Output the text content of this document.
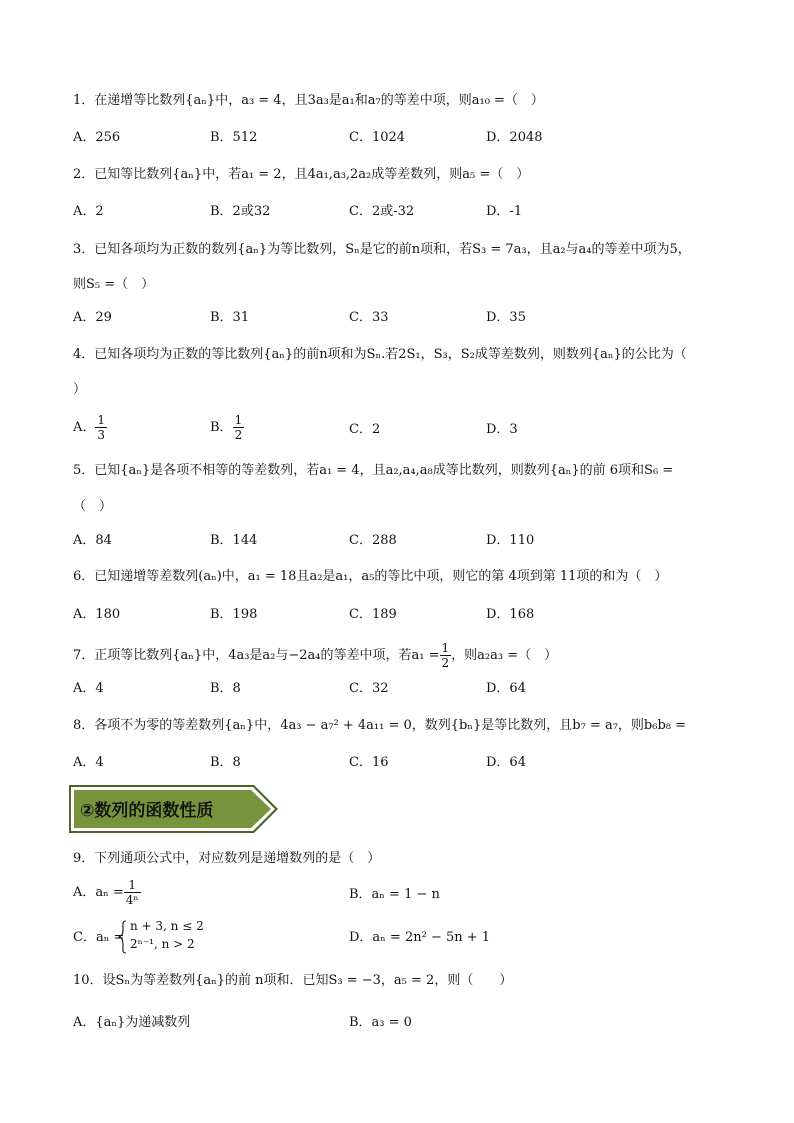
1．在递增等比数列{aₙ}中，a₃ = 4，且3a₃是a₁和a₇的等差中项，则a₁₀ =（　）
A．256	B．512	C．1024	D．2048
2．已知等比数列{aₙ}中，若a₁ = 2，且4a₁,a₃,2a₂成等差数列，则a₅ =（　）
A．2	B．2或32	C．2或-32	D．-1
3．已知各项均为正数的数列{aₙ}为等比数列，Sₙ是它的前n项和，若S₃ = 7a₃，且a₂与a₄的等差中项为5，
则S₅ =（　）
A．29	B．31	C．33	D．35
4．已知各项均为正数的等比数列{aₙ}的前n项和为Sₙ.若2S₁，S₃，S₂成等差数列，则数列{aₙ}的公比为（
）
A． $\frac{1}{3}$	B． $\frac{1}{2}$	C．2	D．3
5．已知{aₙ}是各项不相等的等差数列，若a₁ = 4，且a₂,a₄,a₈成等比数列，则数列{aₙ}的前 6项和S₆ =
（　）
A．84	B．144	C．288	D．110
6．已知递增等差数列(aₙ)中，a₁ = 18且a₂是a₁，a₅的等比中项，则它的第 4项到第 11项的和为（　）
A．180	B．198	C．189	D．168
7．正项等比数列{aₙ}中，4a₃是a₂与−2a₄的等差中项，若$a_1 = \frac{1}{2}$ ，则a₂a₃ =（　）
A．4	B．8	C．32	D．64
8．各项不为零的等差数列{aₙ}中，4a₃ − a₇² + 4a₁₁ = 0，数列{bₙ}是等比数列，且b₇ = a₇，则b₆b₈ =
A．4	B．8	C．16	D．64
②数列的函数性质
9．下列通项公式中，对应数列是递增数列的是（　）
A．$a_n = \frac{1}{\text{4ⁿ}}$	B．aₙ = 1 − n
C．aₙ =
n + 3, n ≤ 2
2ⁿ⁻¹, n > 2	D．aₙ = 2n² − 5n + 1
10．设Sₙ为等差数列{aₙ}的前 n项和．已知S₃ = −3，a₅ = 2，则（　　）
A．{aₙ}为递减数列	B．a₃ = 0
